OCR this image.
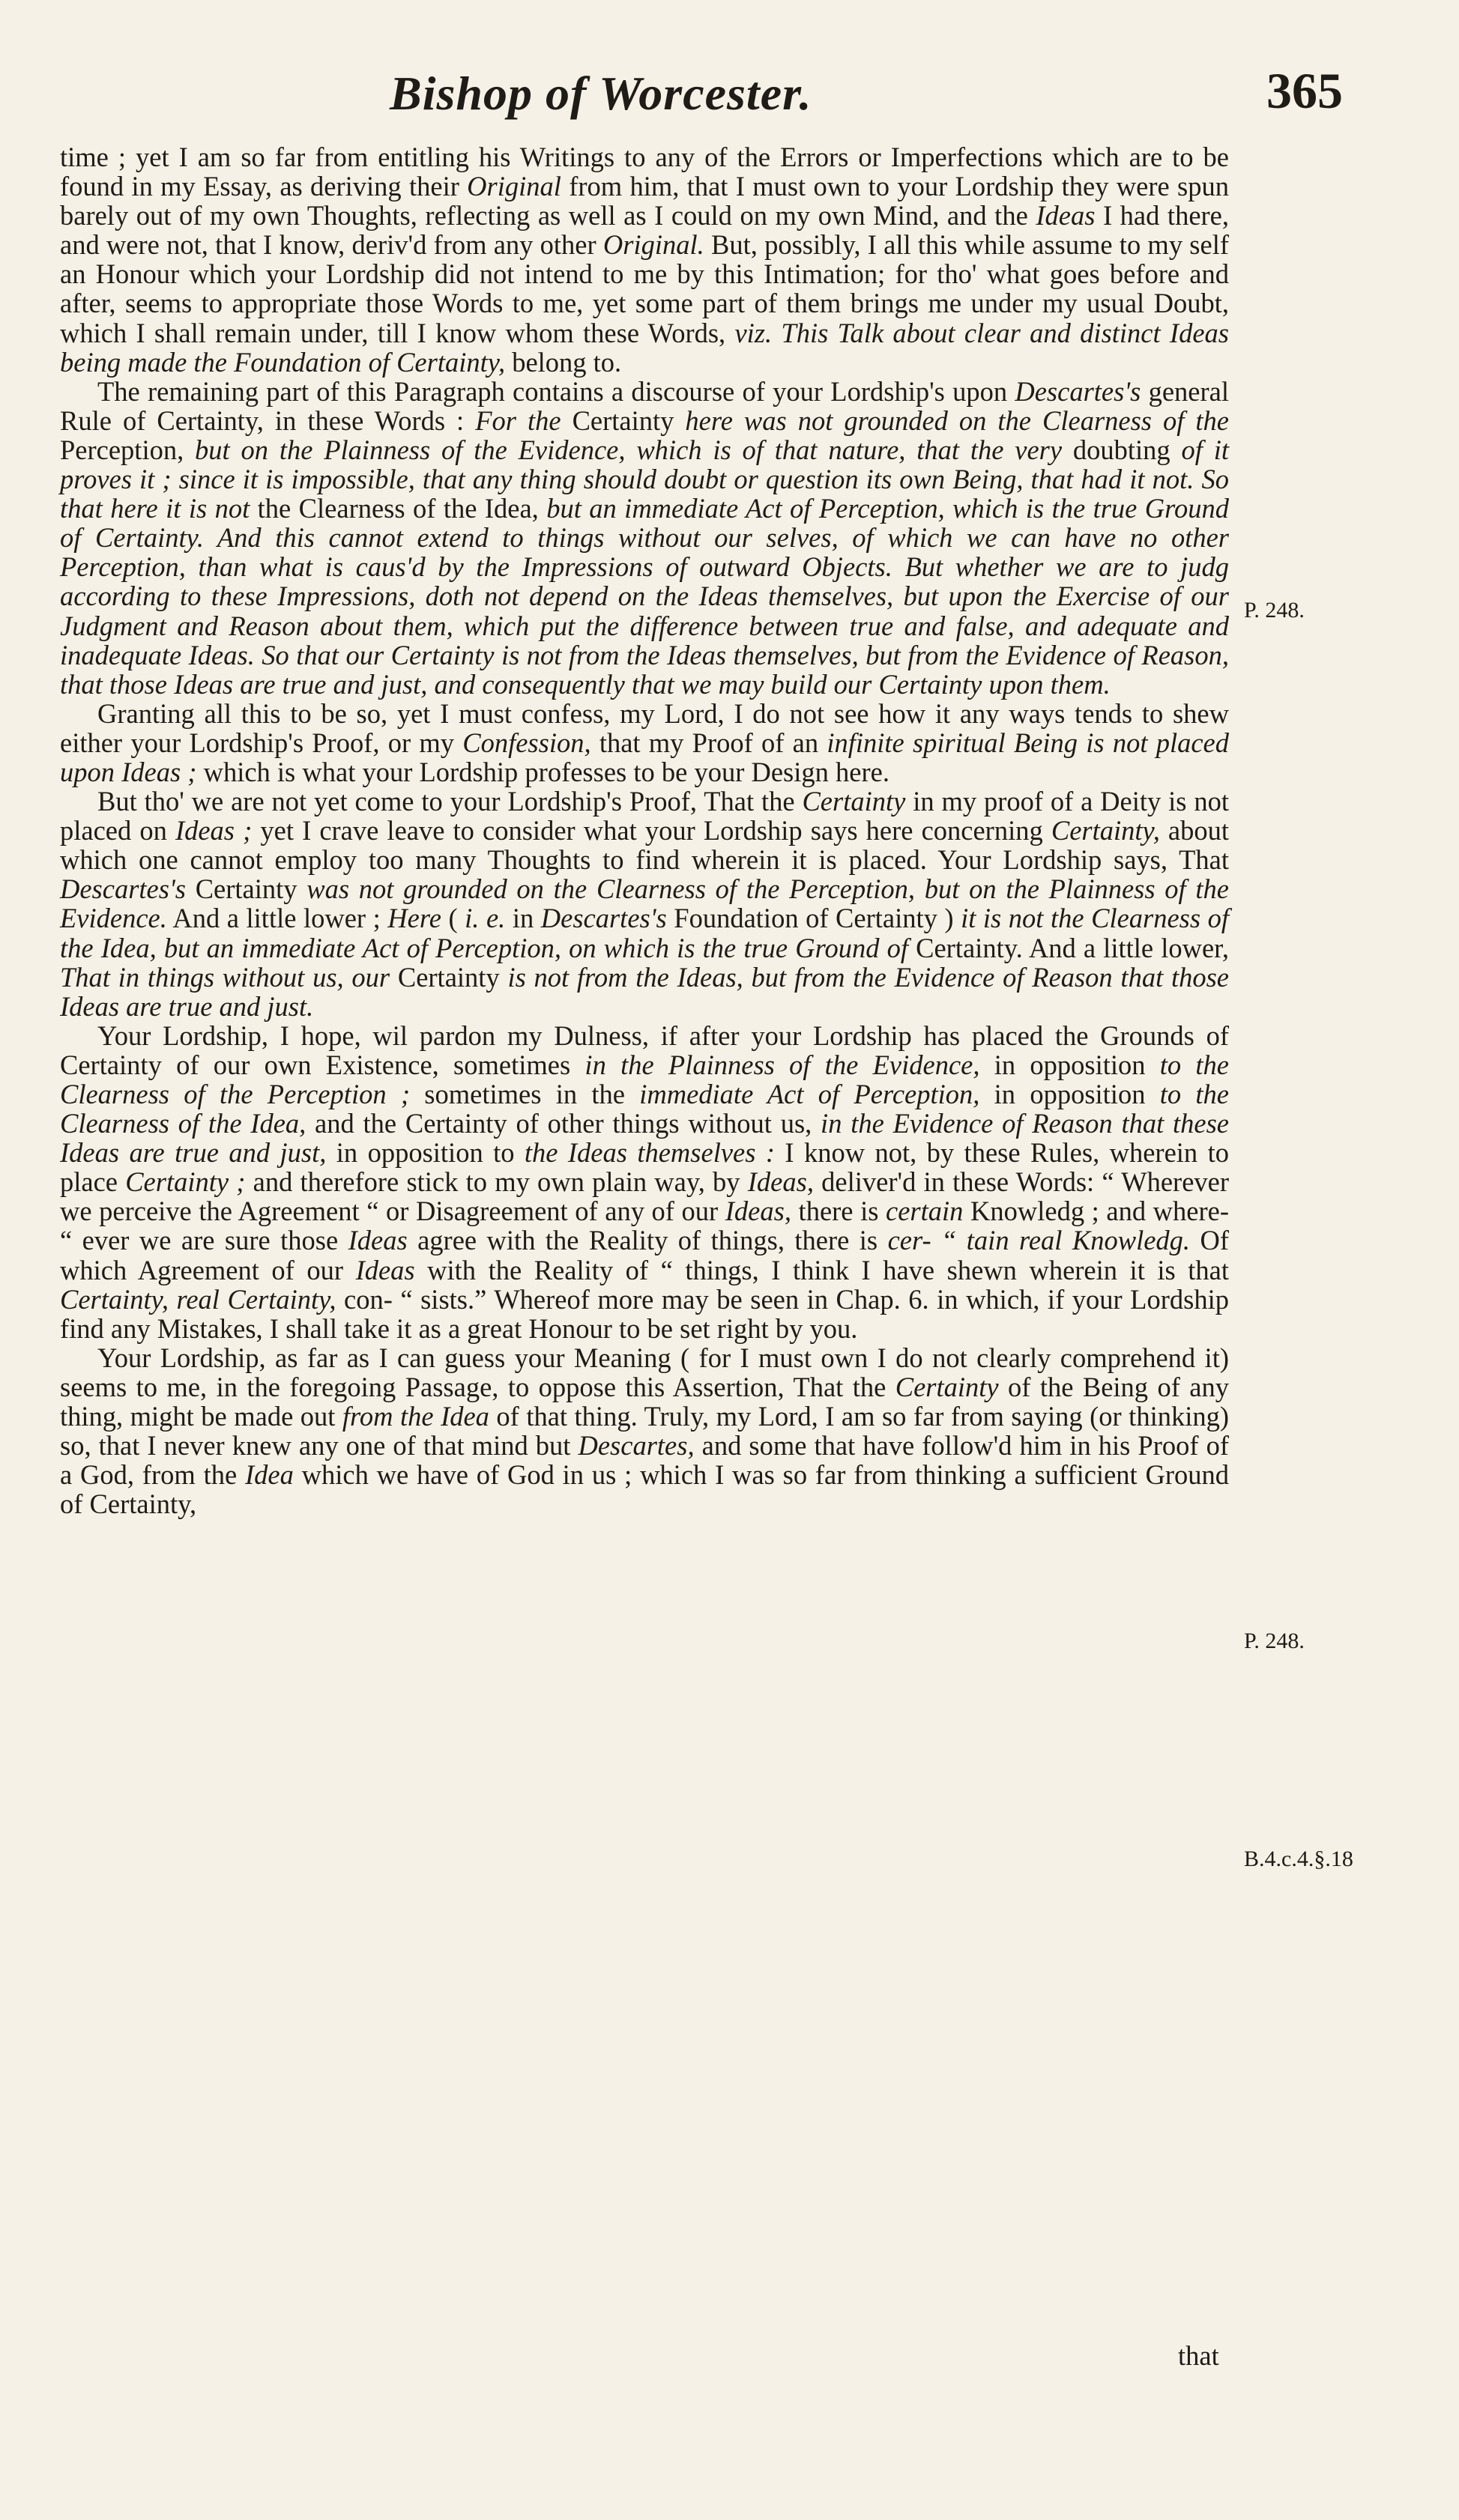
Bishop of Worcester.	365

time ; yet I am so far from entitling his Writings to any of the Errors or Imperfections which are to be found in my Essay, as deriving their Original from him, that I must own to your Lordship they were spun barely out of my own Thoughts, reflecting as well as I could on my own Mind, and the Ideas I had there, and were not, that I know, deriv'd from any other Original. But, possibly, I all this while assume to my self an Honour which your Lordship did not intend to me by this Intimation; for tho' what goes before and after, seems to appropriate those Words to me, yet some part of them brings me under my usual Doubt, which I shall remain under, till I know whom these Words, viz. This Talk about clear and distinct Ideas being made the Foundation of Certainty, belong to.

The remaining part of this Paragraph contains a discourse of your Lordship's upon Descartes's general Rule of Certainty, in these Words : For the Certainty here was not grounded on the Clearness of the Perception, but on the Plainness of the Evidence, which is of that nature, that the very doubting of it proves it ; since it is impossible, that any thing should doubt or question its own Being, that had it not. So that here it is not the Clearness of the Idea, but an immediate Act of Perception, which is the true Ground of Certainty. And this cannot extend to things without our selves, of which we can have no other Perception, than what is caus'd by the Impressions of outward Objects. But whether we are to judg according to these Impressions, doth not depend on the Ideas themselves, but upon the Exercise of our Judgment and Reason about them, which put the difference between true and false, and adequate and inadequate Ideas. So that our Certainty is not from the Ideas themselves, but from the Evidence of Reason, that those Ideas are true and just, and consequently that we may build our Certainty upon them.

Granting all this to be so, yet I must confess, my Lord, I do not see how it any ways tends to shew either your Lordship's Proof, or my Confession, that my Proof of an infinite spiritual Being is not placed upon Ideas ; which is what your Lordship professes to be your Design here.

But tho' we are not yet come to your Lordship's Proof, That the Certainty in my proof of a Deity is not placed on Ideas ; yet I crave leave to consider what your Lordship says here concerning Certainty, about which one cannot employ too many Thoughts to find wherein it is placed. Your Lordship says, That Descartes's Certainty was not grounded on the Clearness of the Perception, but on the Plainness of the Evidence. And a little lower ; Here ( i. e. in Descartes's Foundation of Certainty ) it is not the Clearness of the Idea, but an immediate Act of Perception, on which is the true Ground of Certainty. And a little lower, That in things without us, our Certainty is not from the Ideas, but from the Evidence of Reason that those Ideas are true and just.

Your Lordship, I hope, wil pardon my Dulness, if after your Lordship has placed the Grounds of Certainty of our own Existence, sometimes in the Plainness of the Evidence, in opposition to the Clearness of the Perception ; sometimes in the immediate Act of Perception, in opposition to the Clearness of the Idea, and the Certainty of other things without us, in the Evidence of Reason that these Ideas are true and just, in opposition to the Ideas themselves : I know not, by these Rules, wherein to place Certainty ; and therefore stick to my own plain way, by Ideas, deliver'd in these Words: “ Wherever we perceive the Agreement “ or Disagreement of any of our Ideas, there is certain Knowledg ; and where- “ ever we are sure those Ideas agree with the Reality of things, there is cer- “ tain real Knowledg. Of which Agreement of our Ideas with the Reality of “ things, I think I have shewn wherein it is that Certainty, real Certainty, con- “ sists.” Whereof more may be seen in Chap. 6. in which, if your Lordship find any Mistakes, I shall take it as a great Honour to be set right by you.

Your Lordship, as far as I can guess your Meaning ( for I must own I do not clearly comprehend it) seems to me, in the foregoing Passage, to oppose this Assertion, That the Certainty of the Being of any thing, might be made out from the Idea of that thing. Truly, my Lord, I am so far from saying (or thinking) so, that I never knew any one of that mind but Descartes, and some that have follow'd him in his Proof of a God, from the Idea which we have of God in us ; which I was so far from thinking a sufficient Ground of Certainty,

P. 248.
P. 248.
B.4.c.4.§.18
that
